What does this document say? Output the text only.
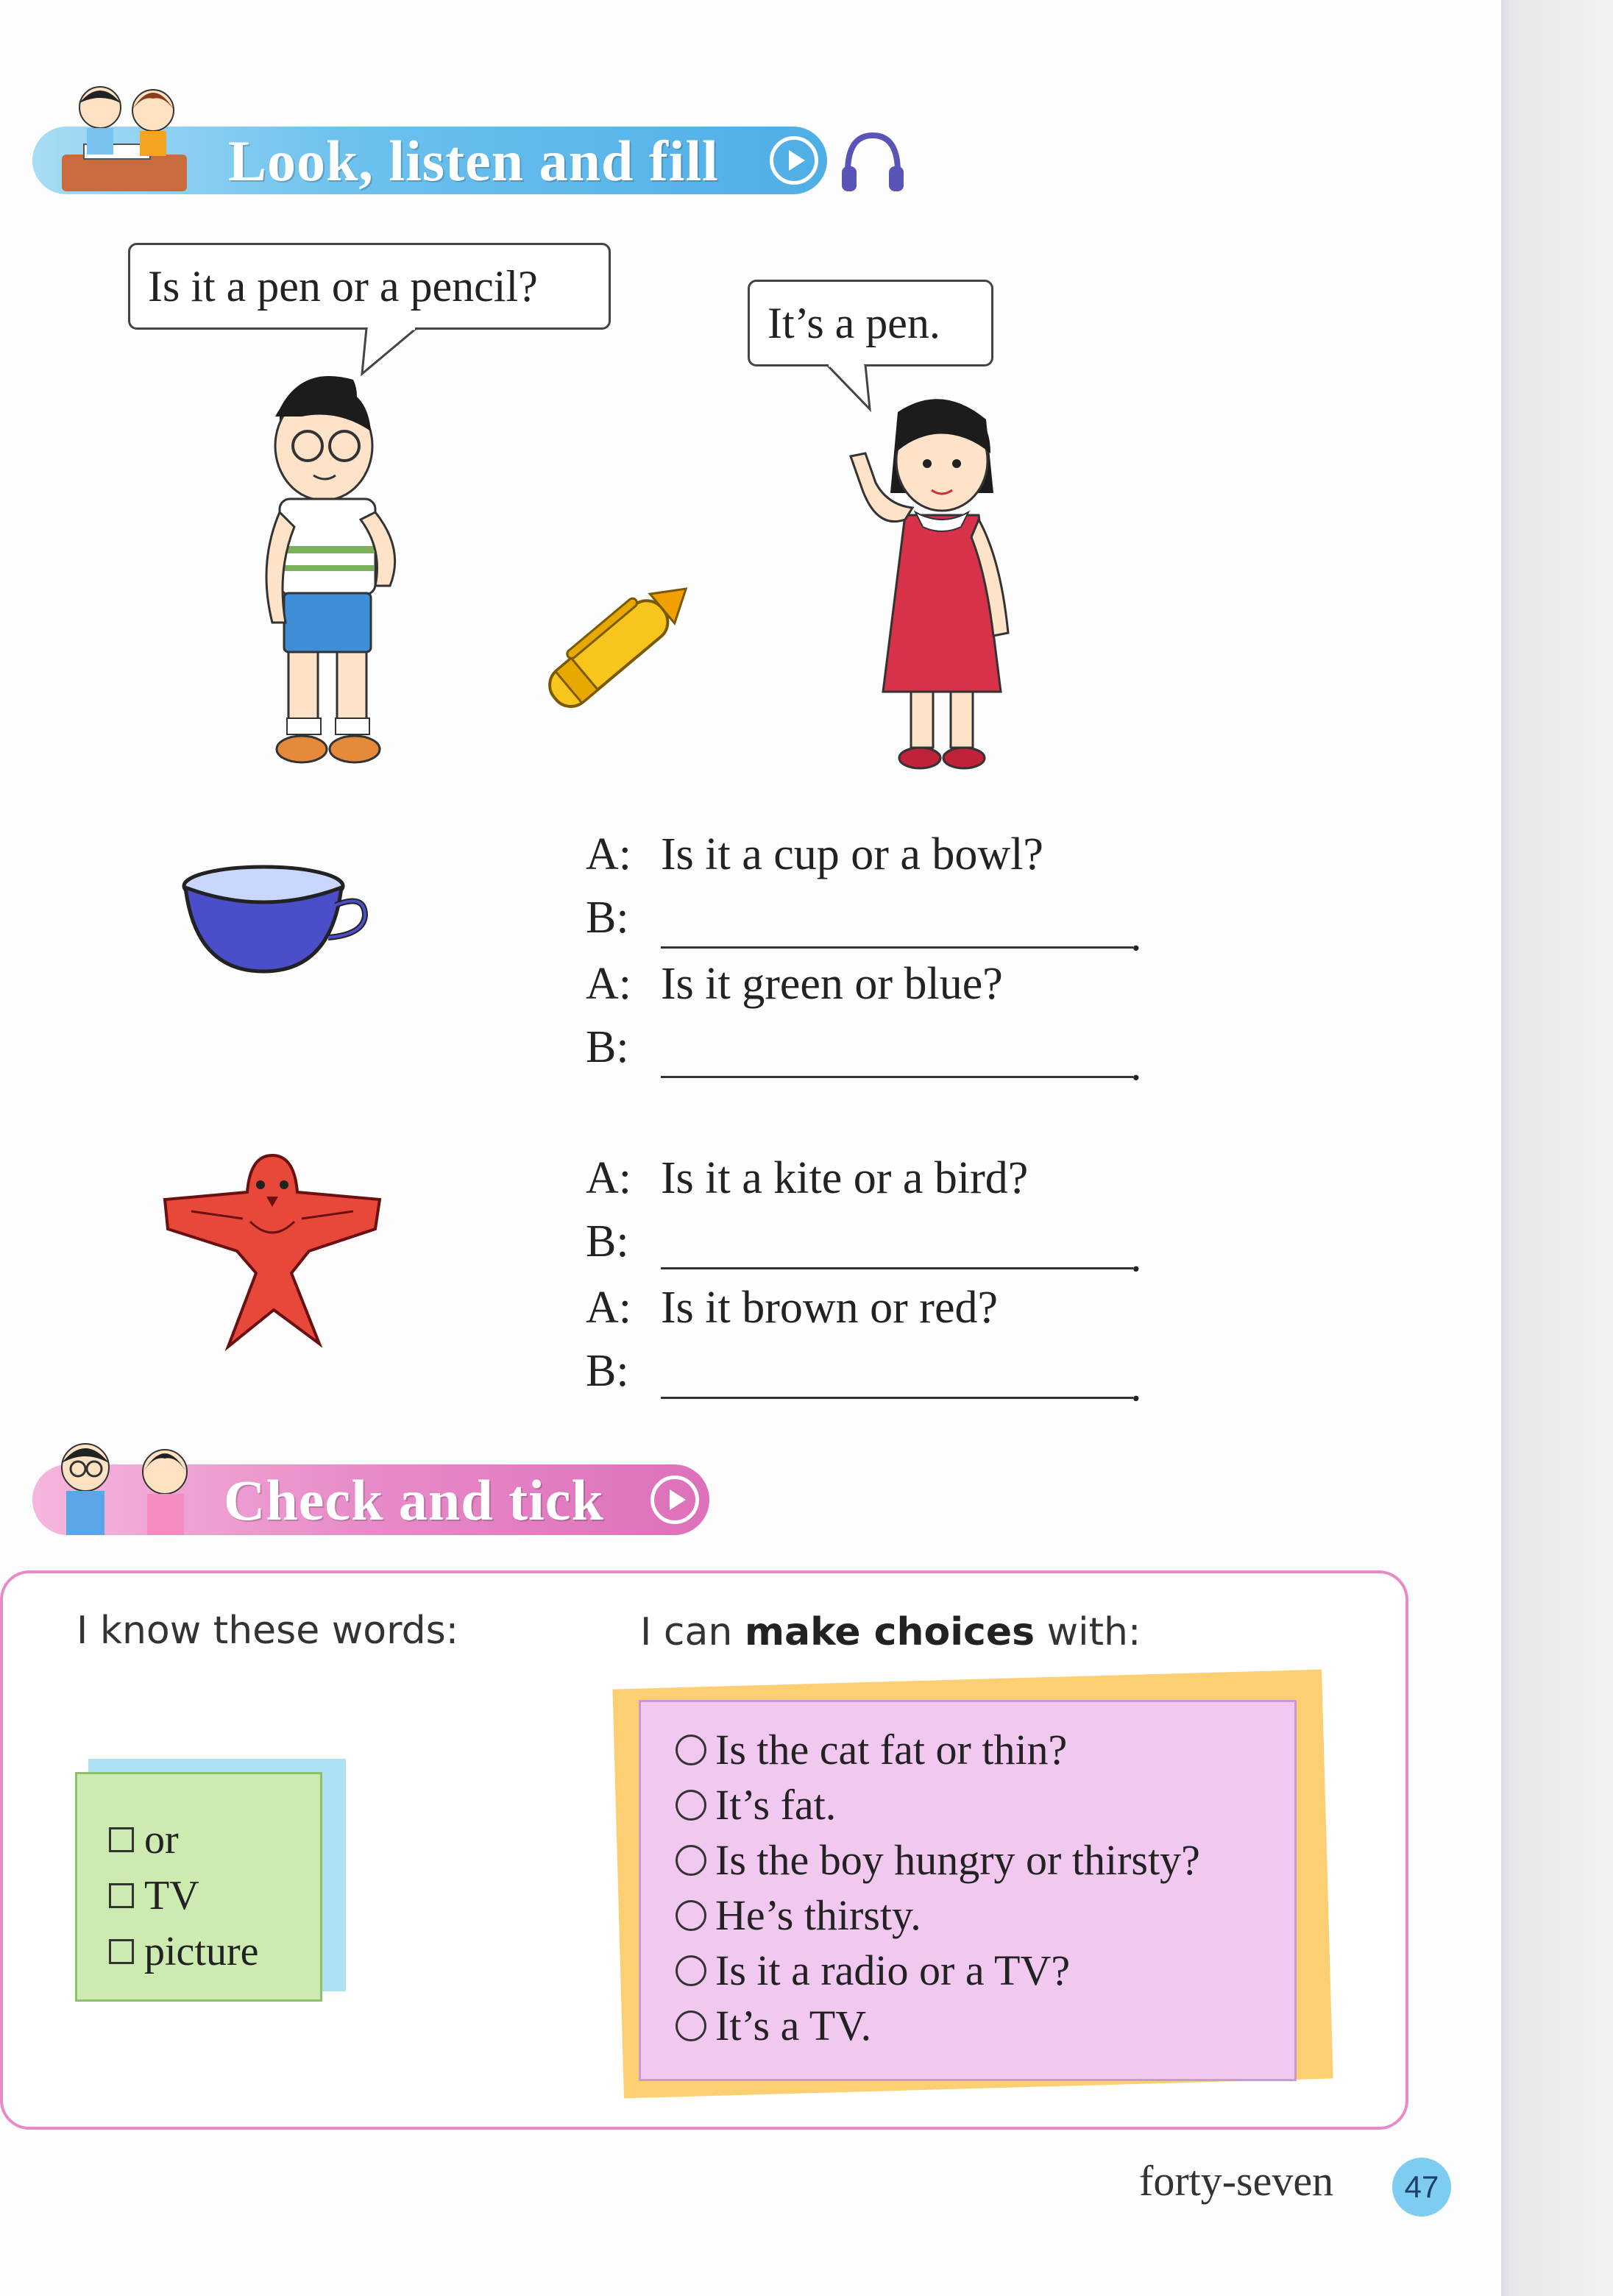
Look, listen and fill
Is it a pen or a pencil?
It’s a pen.
A: Is it a cup or a bowl?
B:	.
A: Is it green or blue?
B:	.
A: Is it a kite or a bird?
B:	.
A: Is it brown or red?
B:	.
Check and tick
I know these words:	I can make choices with:
or
TV
picture
Is the cat fat or thin?
It’s fat.
Is the boy hungry or thirsty?
He’s thirsty.
Is it a radio or a TV?
It’s a TV.
forty-seven	47
